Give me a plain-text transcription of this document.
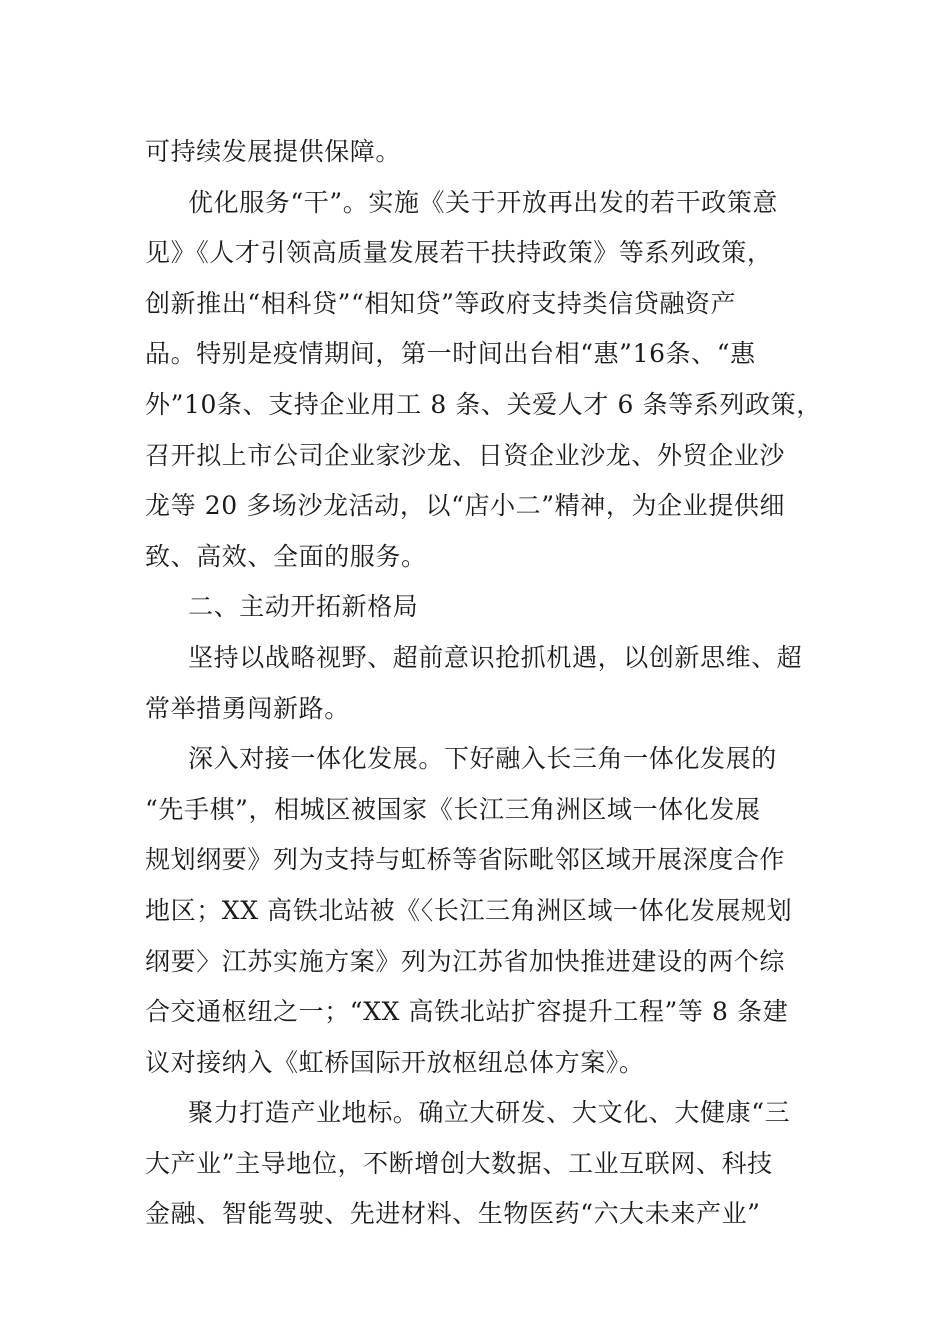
可持续发展提供保障。
优化服务“干”。实施《关于开放再出发的若干政策意
见》《人才引领高质量发展若干扶持政策》等系列政策，
创新推出“相科贷”“相知贷”等政府支持类信贷融资产
品。特别是疫情期间，第一时间出台相“惠”16条、“惠
外”10条、支持企业用工 8 条、关爱人才 6 条等系列政策，
召开拟上市公司企业家沙龙、日资企业沙龙、外贸企业沙
龙等 20 多场沙龙活动，以“店小二”精神，为企业提供细
致、高效、全面的服务。
二、主动开拓新格局
坚持以战略视野、超前意识抢抓机遇，以创新思维、超
常举措勇闯新路。
深入对接一体化发展。下好融入长三角一体化发展的
“先手棋”，相城区被国家《长江三角洲区域一体化发展
规划纲要》列为支持与虹桥等省际毗邻区域开展深度合作
地区；XX 高铁北站被《〈长江三角洲区域一体化发展规划
纲要〉江苏实施方案》列为江苏省加快推进建设的两个综
合交通枢纽之一；“XX 高铁北站扩容提升工程”等 8 条建
议对接纳入《虹桥国际开放枢纽总体方案》。
聚力打造产业地标。确立大研发、大文化、大健康“三
大产业”主导地位，不断增创大数据、工业互联网、科技
金融、智能驾驶、先进材料、生物医药“六大未来产业”
